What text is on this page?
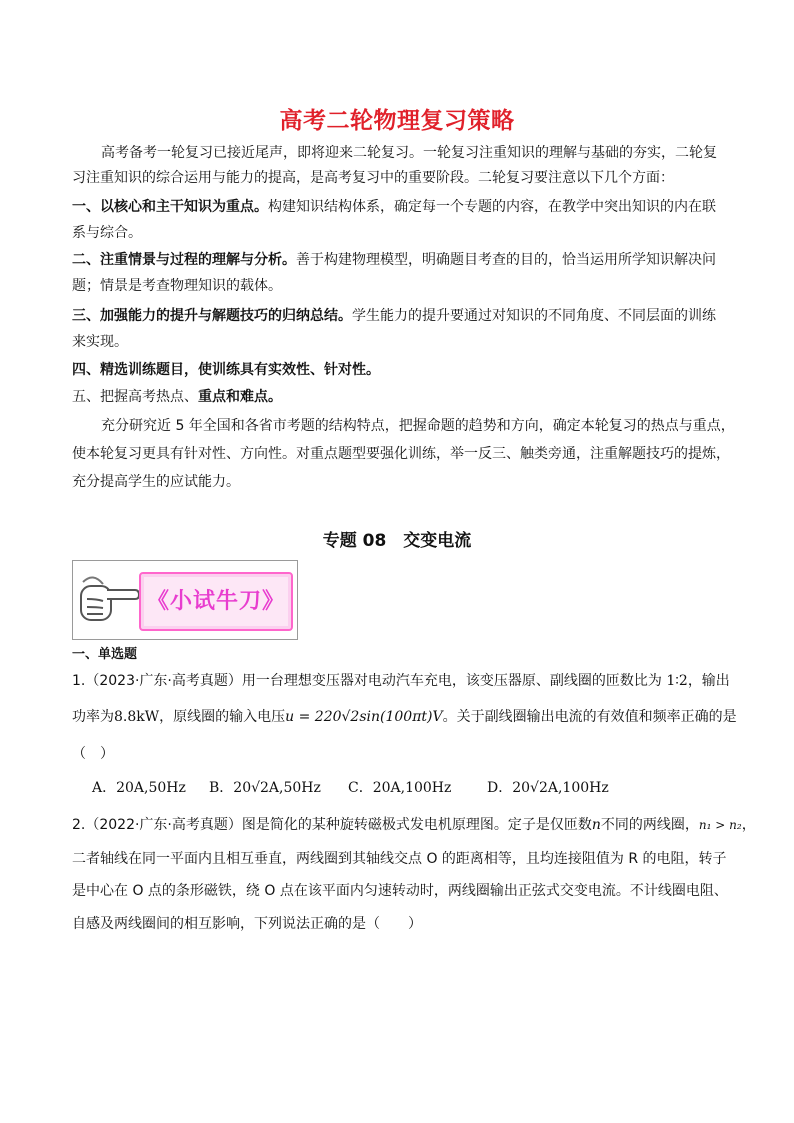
高考二轮物理复习策略
高考备考一轮复习已接近尾声，即将迎来二轮复习。一轮复习注重知识的理解与基础的夯实，二轮复
习注重知识的综合运用与能力的提高，是高考复习中的重要阶段。二轮复习要注意以下几个方面：
一、以核心和主干知识为重点。构建知识结构体系，确定每一个专题的内容，在教学中突出知识的内在联
系与综合。
二、注重情景与过程的理解与分析。善于构建物理模型，明确题目考查的目的，恰当运用所学知识解决问
题；情景是考查物理知识的载体。
三、加强能力的提升与解题技巧的归纳总结。学生能力的提升要通过对知识的不同角度、不同层面的训练
来实现。
四、精选训练题目，使训练具有实效性、针对性。
五、把握高考热点、重点和难点。
充分研究近 5 年全国和各省市考题的结构特点，把握命题的趋势和方向，确定本轮复习的热点与重点，
使本轮复习更具有针对性、方向性。对重点题型要强化训练，举一反三、触类旁通，注重解题技巧的提炼，
充分提高学生的应试能力。
专题 08　交变电流
《小试牛刀》
一、单选题
1.（2023·广东·高考真题）用一台理想变压器对电动汽车充电，该变压器原、副线圈的匝数比为 1∶2，输出
功率为8.8kW，原线圈的输入电压u = 220√2sin(100πt)V。关于副线圈输出电流的有效值和频率正确的是
（　）
A．20A,50Hz B．20√2A,50Hz C．20A,100Hz	D．20√2A,100Hz
2.（2022·广东·高考真题）图是简化的某种旋转磁极式发电机原理图。定子是仅匝数n不同的两线圈，n₁ > n₂，
二者轴线在同一平面内且相互垂直，两线圈到其轴线交点 O 的距离相等，且均连接阻值为 R 的电阻，转子
是中心在 O 点的条形磁铁，绕 O 点在该平面内匀速转动时，两线圈输出正弦式交变电流。不计线圈电阻、
自感及两线圈间的相互影响，下列说法正确的是（　　）
